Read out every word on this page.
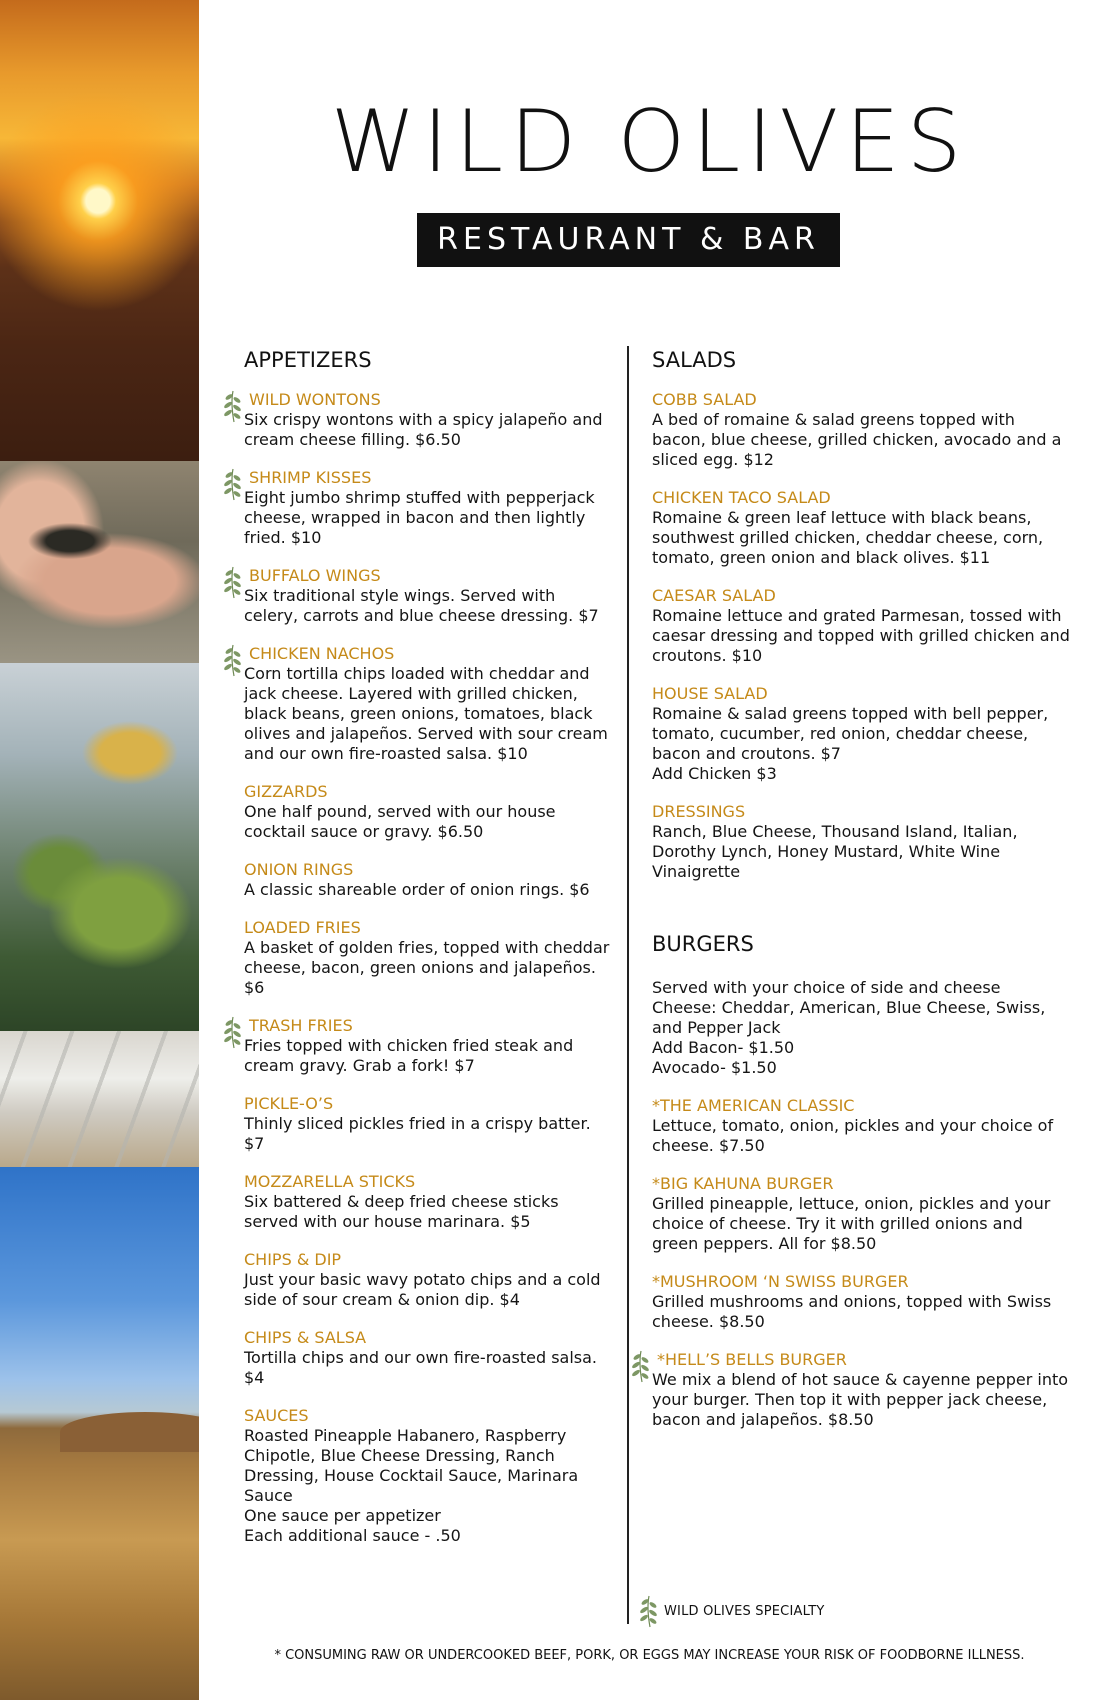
WILD OLIVES
RESTAURANT & BAR
APPETIZERS
WILD WONTONS
Six crispy wontons with a spicy jalapeño and cream cheese filling. $6.50
SHRIMP KISSES
Eight jumbo shrimp stuffed with pepperjack cheese, wrapped in bacon and then lightly fried. $10
BUFFALO WINGS
Six traditional style wings. Served with celery, carrots and blue cheese dressing. $7
CHICKEN NACHOS
Corn tortilla chips loaded with cheddar and jack cheese. Layered with grilled chicken, black beans, green onions, tomatoes, black olives and jalapeños. Served with sour cream and our own fire-roasted salsa. $10
GIZZARDS
One half pound, served with our house cocktail sauce or gravy. $6.50
ONION RINGS
A classic shareable order of onion rings. $6
LOADED FRIES
A basket of golden fries, topped with cheddar cheese, bacon, green onions and jalapeños. $6
TRASH FRIES
Fries topped with chicken fried steak and cream gravy. Grab a fork! $7
PICKLE-O’S
Thinly sliced pickles fried in a crispy batter. $7
MOZZARELLA STICKS
Six battered & deep fried cheese sticks served with our house marinara. $5
CHIPS & DIP
Just your basic wavy potato chips and a cold side of sour cream & onion dip. $4
CHIPS & SALSA
Tortilla chips and our own fire-roasted salsa. $4
SAUCES
Roasted Pineapple Habanero, Raspberry Chipotle, Blue Cheese Dressing, Ranch Dressing, House Cocktail Sauce, Marinara Sauce
One sauce per appetizer
Each additional sauce - .50
SALADS
COBB SALAD
A bed of romaine & salad greens topped with bacon, blue cheese, grilled chicken, avocado and a sliced egg. $12
CHICKEN TACO SALAD
Romaine & green leaf lettuce with black beans, southwest grilled chicken, cheddar cheese, corn, tomato, green onion and black olives. $11
CAESAR SALAD
Romaine lettuce and grated Parmesan, tossed with caesar dressing and topped with grilled chicken and croutons. $10
HOUSE SALAD
Romaine & salad greens topped with bell pepper, tomato, cucumber, red onion, cheddar cheese, bacon and croutons. $7
Add Chicken $3
DRESSINGS
Ranch, Blue Cheese, Thousand Island, Italian, Dorothy Lynch, Honey Mustard, White Wine Vinaigrette
BURGERS
Served with your choice of side and cheese
Cheese: Cheddar, American, Blue Cheese, Swiss, and Pepper Jack
Add Bacon- $1.50
Avocado- $1.50
*THE AMERICAN CLASSIC
Lettuce, tomato, onion, pickles and your choice of cheese. $7.50
*BIG KAHUNA BURGER
Grilled pineapple, lettuce, onion, pickles and your choice of cheese. Try it with grilled onions and green peppers. All for $8.50
*MUSHROOM ‘N SWISS BURGER
Grilled mushrooms and onions, topped with Swiss cheese. $8.50
*HELL’S BELLS BURGER
We mix a blend of hot sauce & cayenne pepper into your burger. Then top it with pepper jack cheese, bacon and jalapeños. $8.50
WILD OLIVES SPECIALTY
* CONSUMING RAW OR UNDERCOOKED BEEF, PORK, OR EGGS MAY INCREASE YOUR RISK OF FOODBORNE ILLNESS.
